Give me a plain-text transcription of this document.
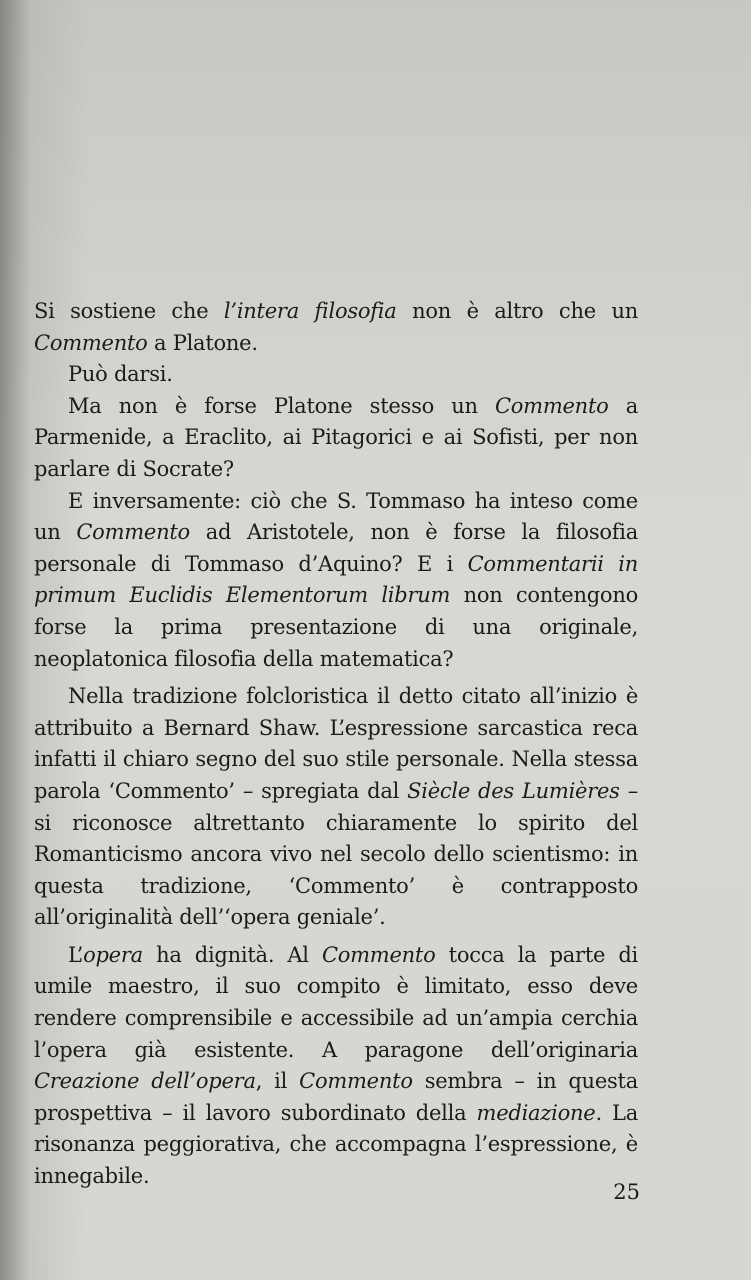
Si sostiene che l’intera filosofia non è altro che un Commento a Platone.

Può darsi.

Ma non è forse Platone stesso un Commento a Parmenide, a Eraclito, ai Pitagorici e ai Sofisti, per non parlare di Socrate?

E inversamente: ciò che S. Tommaso ha inteso come un Commento ad Aristotele, non è forse la filosofia personale di Tommaso d’Aquino? E i Commentarii in primum Euclidis Elementorum librum non contengono forse la prima presentazione di una originale, neoplatonica filosofia della matematica?

Nella tradizione folcloristica il detto citato all’inizio è attribuito a Bernard Shaw. L’espressione sarcastica reca infatti il chiaro segno del suo stile personale. Nella stessa parola ‘Commento’ – spregiata dal Siècle des Lumières – si riconosce altrettanto chiaramente lo spirito del Romanticismo ancora vivo nel secolo dello scientismo: in questa tradizione, ‘Commento’ è contrapposto all’originalità dell’‘opera geniale’.

L’opera ha dignità. Al Commento tocca la parte di umile maestro, il suo compito è limitato, esso deve rendere comprensibile e accessibile ad un’ampia cerchia l’opera già esistente. A paragone dell’originaria Creazione dell’opera, il Commento sembra – in questa prospettiva – il lavoro subordinato della mediazione. La risonanza peggiorativa, che accompagna l’espressione, è innegabile.

25
